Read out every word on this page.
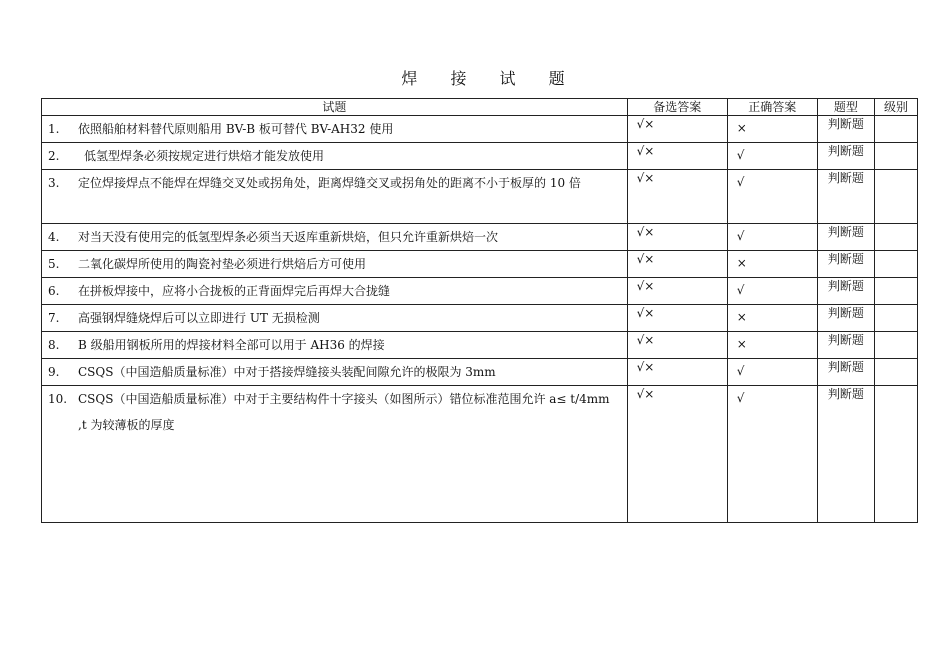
焊 接 试 题
试题	备选答案	正确答案	题型	级别

1. 依照船舶材料替代原则船用 BV-B 板可替代 BV-AH32 使用	√×	×	判断题	

2. 低氢型焊条必须按规定进行烘焙才能发放使用	√×	√	判断题	

3. 定位焊接焊点不能焊在焊缝交叉处或拐角处，距离焊缝交叉或拐角处的距离不小于板厚的 10 倍	√×	√	判断题	

4. 对当天没有使用完的低氢型焊条必须当天返库重新烘焙，但只允许重新烘焙一次	√×	√	判断题	

5. 二氧化碳焊所使用的陶瓷衬垫必须进行烘焙后方可使用	√×	×	判断题	

6. 在拼板焊接中，应将小合拢板的正背面焊完后再焊大合拢缝	√×	√	判断题	

7. 高强钢焊缝烧焊后可以立即进行 UT 无损检测	√×	×	判断题	

8. B 级船用钢板所用的焊接材料全部可以用于 AH36 的焊接	√×	×	判断题	

9. CSQS（中国造船质量标准）中对于搭接焊缝接头装配间隙允许的极限为 3mm	√×	√	判断题	

10. CSQS（中国造船质量标准）中对于主要结构件十字接头（如图所示）错位标准范围允许 a≤ t/4mm ,t 为较薄板的厚度	√×	√	判断题	
